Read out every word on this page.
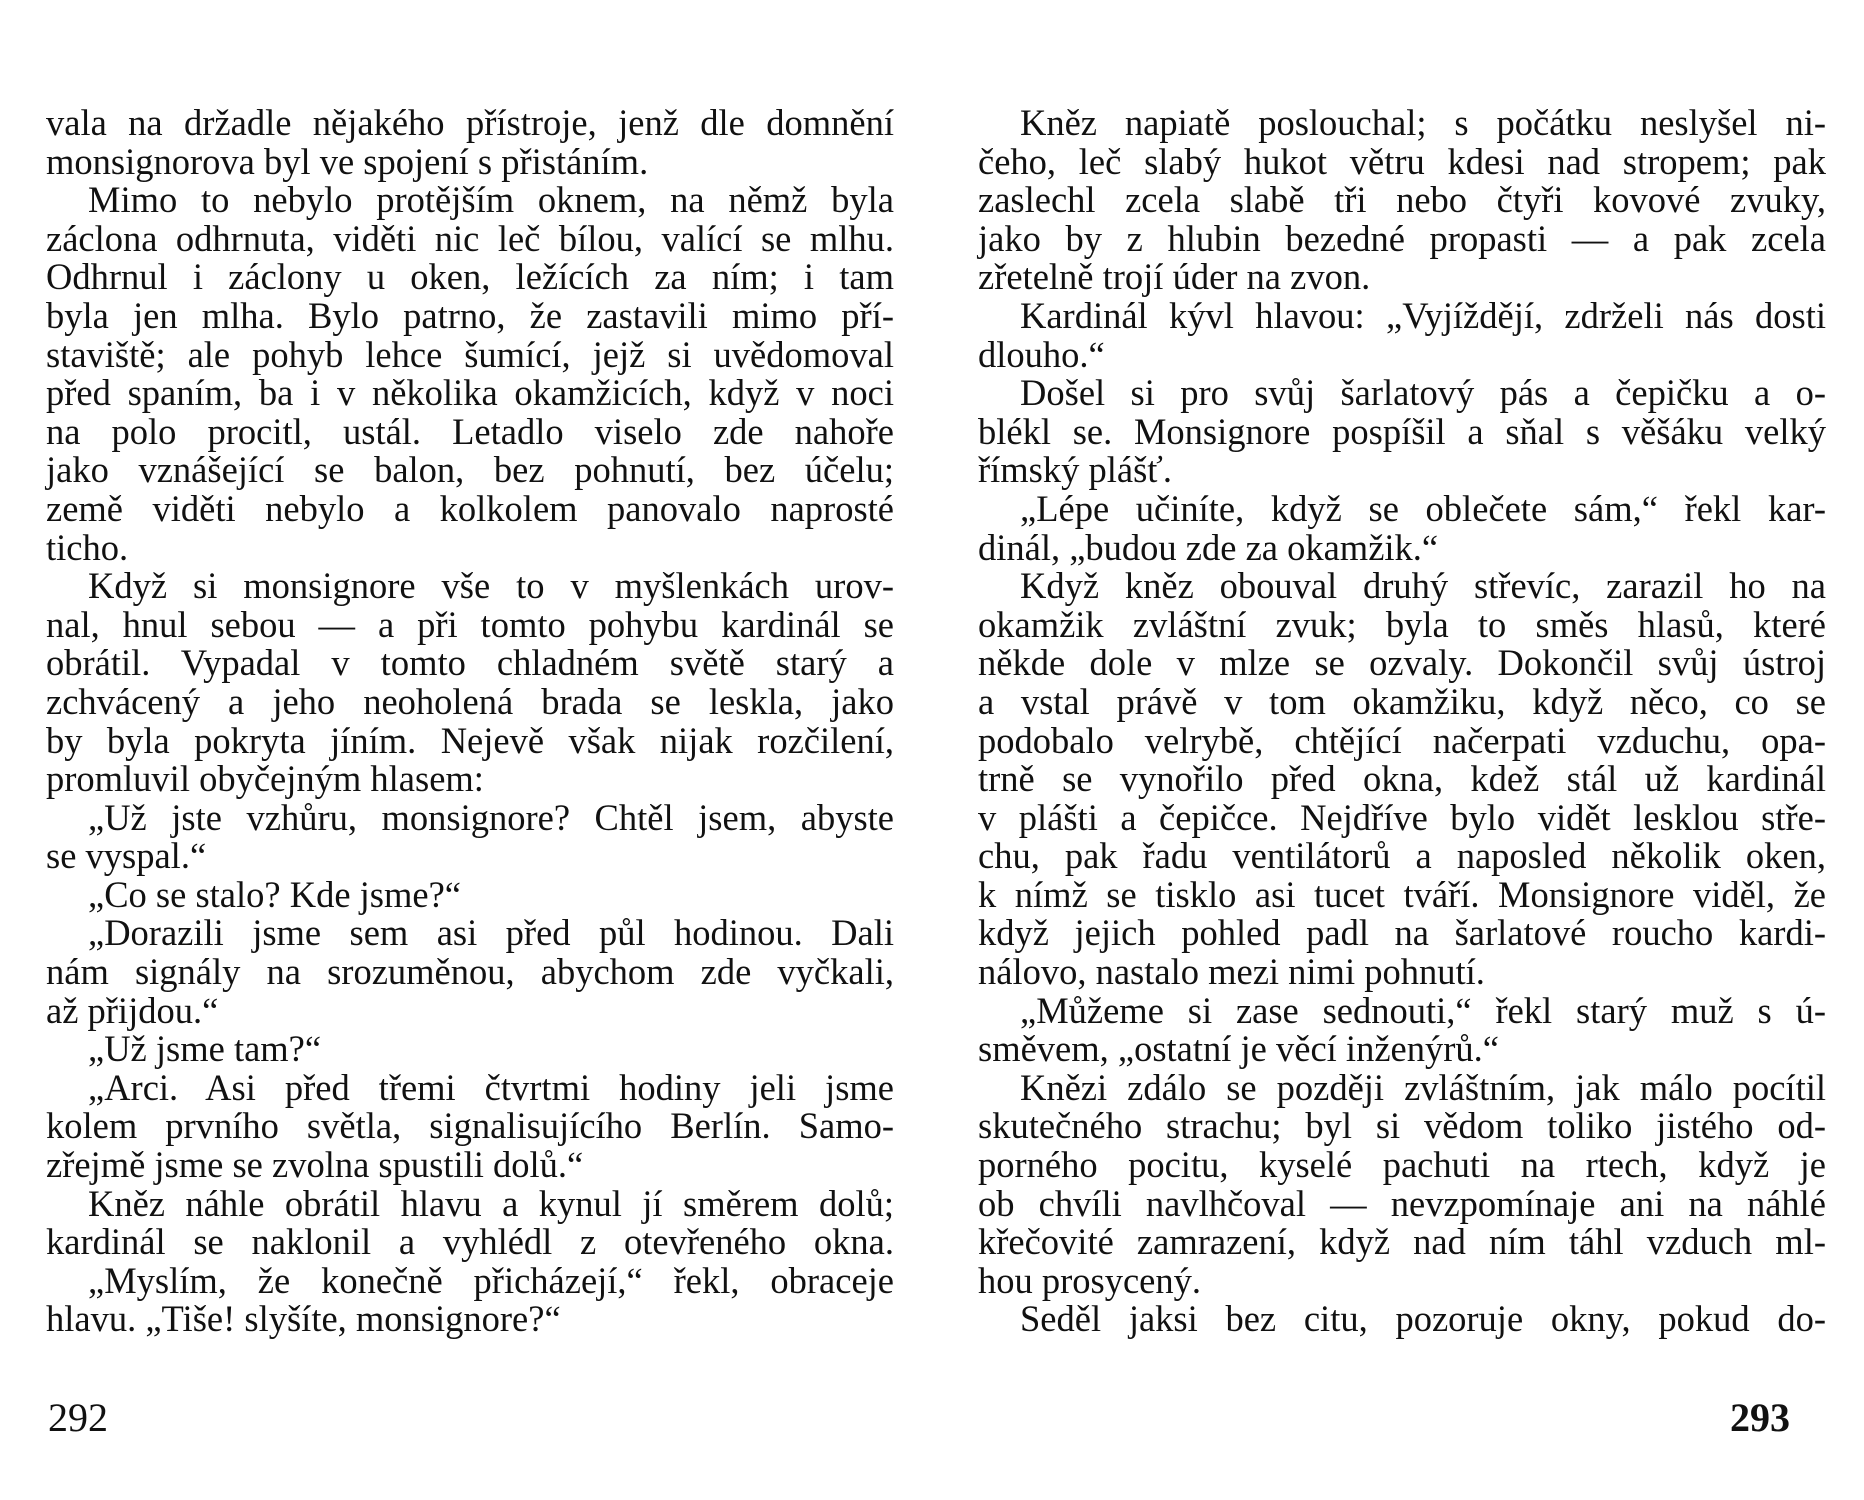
vala na držadle nějakého přístroje, jenž dle domnění
monsignorova byl ve spojení s přistáním.
Mimo to nebylo protějším oknem, na němž byla
záclona odhrnuta, viděti nic leč bílou, valící se mlhu.
Odhrnul i záclony u oken, ležících za ním; i tam
byla jen mlha. Bylo patrno, že zastavili mimo pří-
staviště; ale pohyb lehce šumící, jejž si uvědomoval
před spaním, ba i v několika okamžicích, když v noci
na polo procitl, ustál. Letadlo viselo zde nahoře
jako vznášející se balon, bez pohnutí, bez účelu;
země viděti nebylo a kolkolem panovalo naprosté
ticho.
Když si monsignore vše to v myšlenkách urov-
nal, hnul sebou — a při tomto pohybu kardinál se
obrátil. Vypadal v tomto chladném světě starý a
zchvácený a jeho neoholená brada se leskla, jako
by byla pokryta jíním. Nejevě však nijak rozčilení,
promluvil obyčejným hlasem:
„Už jste vzhůru, monsignore? Chtěl jsem, abyste
se vyspal.“
„Co se stalo? Kde jsme?“
„Dorazili jsme sem asi před půl hodinou. Dali
nám signály na srozuměnou, abychom zde vyčkali,
až přijdou.“
„Už jsme tam?“
„Arci. Asi před třemi čtvrtmi hodiny jeli jsme
kolem prvního světla, signalisujícího Berlín. Samo-
zřejmě jsme se zvolna spustili dolů.“
Kněz náhle obrátil hlavu a kynul jí směrem dolů;
kardinál se naklonil a vyhlédl z otevřeného okna.
„Myslím, že konečně přicházejí,“ řekl, obraceje
hlavu. „Tiše! slyšíte, monsignore?“
292
Kněz napiatě poslouchal; s počátku neslyšel ni-
čeho, leč slabý hukot větru kdesi nad stropem; pak
zaslechl zcela slabě tři nebo čtyři kovové zvuky,
jako by z hlubin bezedné propasti — a pak zcela
zřetelně trojí úder na zvon.
Kardinál kývl hlavou: „Vyjíždějí, zdrželi nás dosti
dlouho.“
Došel si pro svůj šarlatový pás a čepičku a o-
blékl se. Monsignore pospíšil a sňal s věšáku velký
římský plášť.
„Lépe učiníte, když se oblečete sám,“ řekl kar-
dinál, „budou zde za okamžik.“
Když kněz obouval druhý střevíc, zarazil ho na
okamžik zvláštní zvuk; byla to směs hlasů, které
někde dole v mlze se ozvaly. Dokončil svůj ústroj
a vstal právě v tom okamžiku, když něco, co se
podobalo velrybě, chtějící načerpati vzduchu, opa-
trně se vynořilo před okna, kdež stál už kardinál
v plášti a čepičce. Nejdříve bylo vidět lesklou stře-
chu, pak řadu ventilátorů a naposled několik oken,
k nímž se tisklo asi tucet tváří. Monsignore viděl, že
když jejich pohled padl na šarlatové roucho kardi-
nálovo, nastalo mezi nimi pohnutí.
„Můžeme si zase sednouti,“ řekl starý muž s ú-
směvem, „ostatní je věcí inženýrů.“
Knězi zdálo se později zvláštním, jak málo pocítil
skutečného strachu; byl si vědom toliko jistého od-
porného pocitu, kyselé pachuti na rtech, když je
ob chvíli navlhčoval — nevzpomínaje ani na náhlé
křečovité zamrazení, když nad ním táhl vzduch ml-
hou prosycený.
Seděl jaksi bez citu, pozoruje okny, pokud do-
293
